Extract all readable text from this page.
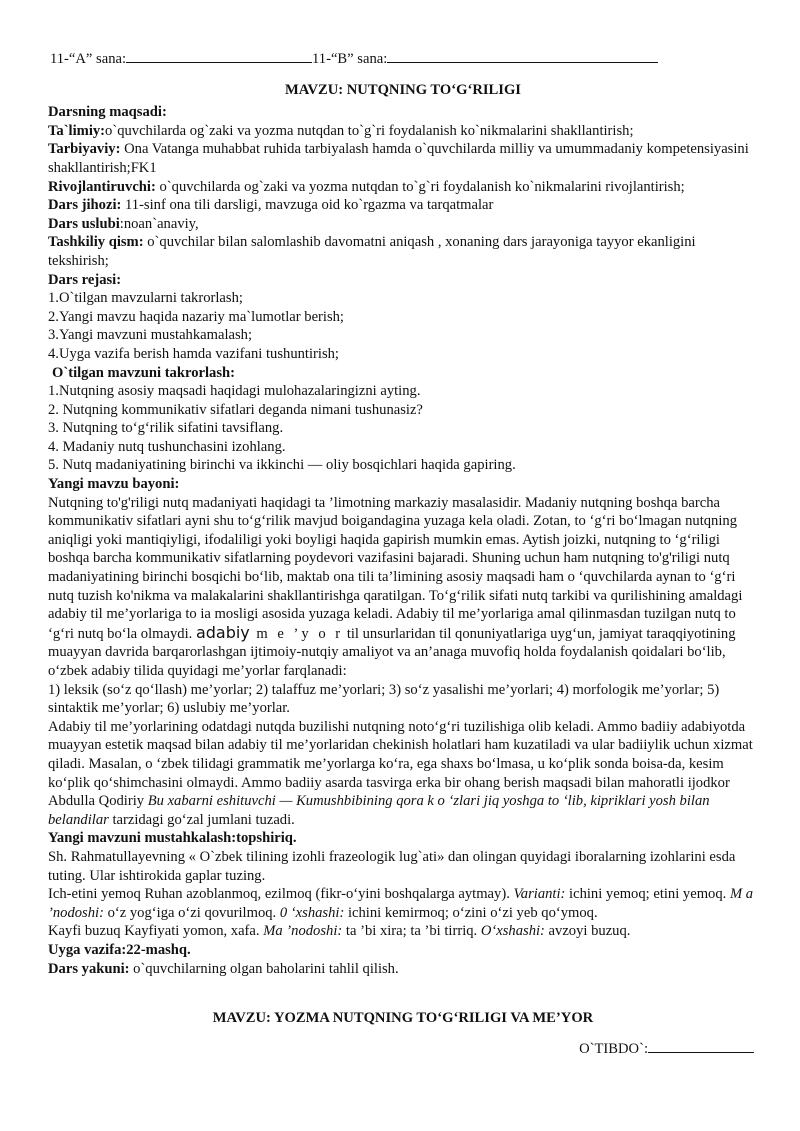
11-“A” sana:	11-“B” sana:
MAVZU: NUTQNING TO‘G‘RILIGI

Darsning maqsadi:

Ta`limiy:o`quvchilarda og`zaki va yozma nutqdan to`g`ri foydalanish ko`nikmalarini shakllantirish;

Tarbiyaviy: Ona Vatanga muhabbat ruhida tarbiyalash hamda o`quvchilarda milliy va umummadaniy kompetensiyasini shakllantirish;FK1

Rivojlantiruvchi: o`quvchilarda og`zaki va yozma nutqdan to`g`ri foydalanish ko`nikmalarini rivojlantirish;

Dars jihozi: 11-sinf ona tili darsligi, mavzuga oid ko`rgazma va tarqatmalar

Dars uslubi:noan`anaviy,

Tashkiliy qism: o`quvchilar bilan salomlashib davomatni aniqash , xonaning dars jarayoniga tayyor ekanligini tekshirish;

Dars rejasi:

1.O`tilgan mavzularni takrorlash;

2.Yangi mavzu haqida nazariy ma`lumotlar berish;

3.Yangi mavzuni mustahkamalash;

4.Uyga vazifa berish hamda vazifani tushuntirish;

O`tilgan mavzuni takrorlash:

1.Nutqning asosiy maqsadi haqidagi mulohazalaringizni ayting.

2. Nutqning kommunikativ sifatlari deganda nimani tushunasiz?

3. Nutqning to‘g‘rilik sifatini tavsiflang.

4. Madaniy nutq tushunchasini izohlang.

5. Nutq madaniyatining birinchi va ikkinchi — oliy bosqichlari haqida gapiring.

Yangi mavzu bayoni:

Nutqning to'g'riligi nutq madaniyati haqidagi ta ’limotning markaziy masalasidir. Madaniy nutqning boshqa barcha kommunikativ sifatlari ayni shu to‘g‘rilik mavjud boigandagina yuzaga kela oladi. Zotan, to ‘g‘ri bo‘lmagan nutqning aniqligi yoki mantiqiyligi, ifodaliligi yoki boyligi haqida gapirish mumkin emas. Aytish joizki, nutqning to ‘g‘riligi boshqa barcha kommunikativ sifatlarning poydevori vazifasini bajaradi. Shuning uchun ham nutqning to'g'riligi nutq madaniyatining birinchi bosqichi bo‘lib, maktab ona tili ta’limining asosiy maqsadi ham o ‘quvchilarda aynan to ‘g‘ri nutq tuzish ko'nikma va malakalarini shakllantirishga qaratilgan. To‘g‘rilik sifati nutq tarkibi va qurilishining amaldagi adabiy til me’yorlariga to ia mosligi asosida yuzaga keladi. Adabiy til me’yorlariga amal qilinmasdan tuzilgan nutq to ‘g‘ri nutq bo‘la olmaydi. adabiy m e ’y o r til unsurlaridan til qonuniyatlariga uyg‘un, jamiyat taraqqiyotining muayyan davrida barqarorlashgan ijtimoiy-nutqiy amaliyot va an’anaga muvofiq holda foydalanish qoidalari bo‘lib, o‘zbek adabiy tilida quyidagi me’yorlar farqlanadi:

1) leksik (so‘z qo‘llash) me’yorlar; 2) talaffuz me’yorlari; 3) so‘z yasalishi me’yorlari; 4) morfologik me’yorlar; 5) sintaktik me’yorlar; 6) uslubiy me’yorlar.

Adabiy til me’yorlarining odatdagi nutqda buzilishi nutqning noto‘g‘ri tuzilishiga olib keladi. Ammo badiiy adabiyotda muayyan estetik maqsad bilan adabiy til me’yorlaridan chekinish holatlari ham kuzatiladi va ular badiiylik uchun xizmat qiladi. Masalan, o ‘zbek tilidagi grammatik me’yorlarga ko‘ra, ega shaxs bo‘lmasa, u ko‘plik sonda boisa-da, kesim ko‘plik qo‘shimchasini olmaydi. Ammo badiiy asarda tasvirga erka bir ohang berish maqsadi bilan mahoratli ijodkor Abdulla Qodiriy Bu xabarni eshituvchi — Kumushbibining qora k o ‘zlari jiq yoshga to ‘lib, kipriklari yosh bilan belandilar tarzidagi go‘zal jumlani tuzadi.

Yangi mavzuni mustahkalash:topshiriq.

Sh. Rahmatullayevning « O`zbek tilining izohli frazeologik lug`ati» dan olingan quyidagi iboralarning izohlarini esda tuting. Ular ishtirokida gaplar tuzing.

Ich-etini yemoq Ruhan azoblanmoq, ezilmoq (fikr-o‘yini boshqalarga aytmay). Varianti: ichini yemoq; etini yemoq. M a ’nodoshi: o‘z yog‘iga o‘zi qovurilmoq. 0 ‘xshashi: ichini kemirmoq; o‘zini o‘zi yeb qo‘ymoq.

Kayfi buzuq Kayfiyati yomon, xafa. Ma ’nodoshi: ta ’bi xira; ta ’bi tirriq. O‘xshashi: avzoyi buzuq.

Uyga vazifa:22-mashq.

Dars yakuni: o`quvchilarning olgan baholarini tahlil qilish.

MAVZU: YOZMA NUTQNING TO‘G‘RILIGI VA ME’YOR
O`TIBDO`:
